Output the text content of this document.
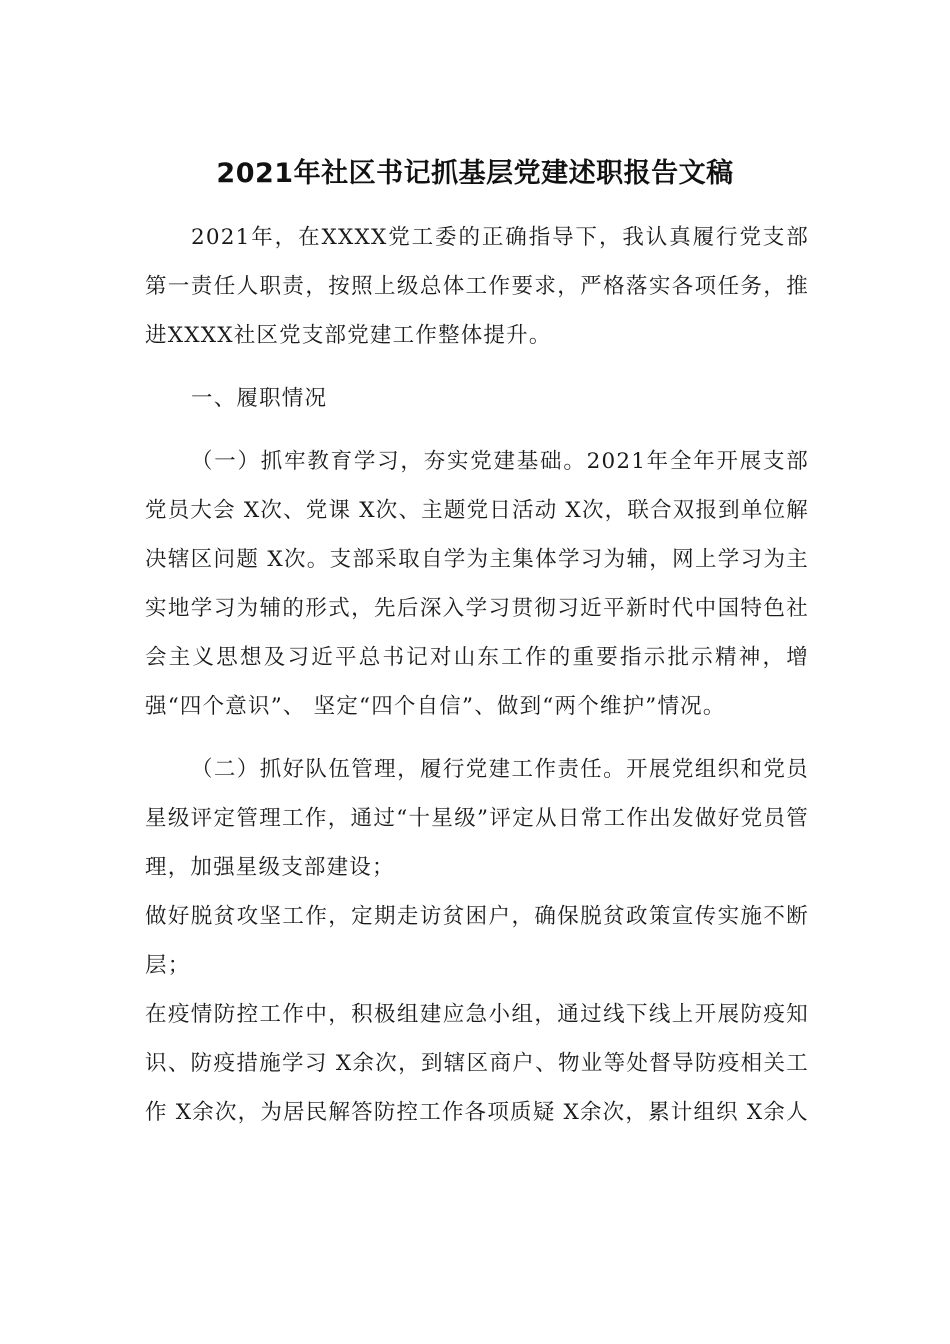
2021年社区书记抓基层党建述职报告文稿

2021年，在XXXX党工委的正确指导下，我认真履行党支部第一责任人职责，按照上级总体工作要求，严格落实各项任务，推进XXXX社区党支部党建工作整体提升。

一、履职情况

（一）抓牢教育学习，夯实党建基础。2021年全年开展支部党员大会 X次、党课 X次、主题党日活动 X次，联合双报到单位解决辖区问题 X次。支部采取自学为主集体学习为辅，网上学习为主实地学习为辅的形式，先后深入学习贯彻习近平新时代中国特色社会主义思想及习近平总书记对山东工作的重要指示批示精神，增强“四个意识”、 坚定“四个自信”、做到“两个维护”情况。

（二）抓好队伍管理，履行党建工作责任。开展党组织和党员星级评定管理工作，通过“十星级”评定从日常工作出发做好党员管理，加强星级支部建设；

做好脱贫攻坚工作，定期走访贫困户，确保脱贫政策宣传实施不断层；

在疫情防控工作中，积极组建应急小组，通过线下线上开展防疫知识、防疫措施学习 X余次，到辖区商户、物业等处督导防疫相关工作 X余次，为居民解答防控工作各项质疑 X余次，累计组织 X余人
